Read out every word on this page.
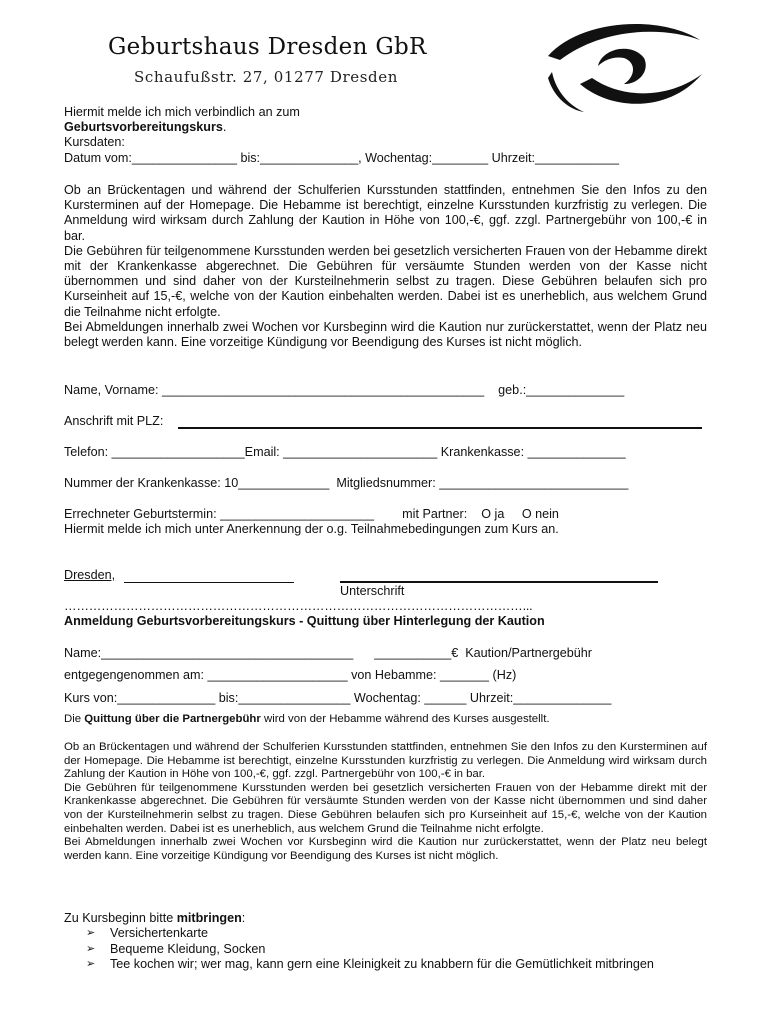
Geburtshaus Dresden GbR
Schaufußstr. 27, 01277 Dresden

Hiermit melde ich mich verbindlich an zum

Geburtsvorbereitungskurs.

Kursdaten:

Datum vom:_______________ bis:______________, Wochentag:________ Uhrzeit:____________

Ob an Brückentagen und während der Schulferien Kursstunden stattfinden, entnehmen Sie den Infos zu den Kursterminen auf der Homepage. Die Hebamme ist berechtigt, einzelne Kursstunden kurzfristig zu verlegen. Die Anmeldung wird wirksam durch Zahlung der Kaution in Höhe von 100,-€, ggf. zzgl. Partnergebühr von 100,-€ in bar.

Die Gebühren für teilgenommene Kursstunden werden bei gesetzlich versicherten Frauen von der Hebamme direkt mit der Krankenkasse abgerechnet. Die Gebühren für versäumte Stunden werden von der Kasse nicht übernommen und sind daher von der Kursteilnehmerin selbst zu tragen. Diese Gebühren belaufen sich pro Kurseinheit auf 15,-€, welche von der Kaution einbehalten werden. Dabei ist es unerheblich, aus welchem Grund die Teilnahme nicht erfolgte.

Bei Abmeldungen innerhalb zwei Wochen vor Kursbeginn wird die Kaution nur zurückerstattet, wenn der Platz neu belegt werden kann. Eine vorzeitige Kündigung vor Beendigung des Kurses ist nicht möglich.

Name, Vorname: ______________________________________________    geb.:______________
Anschrift mit PLZ:
Telefon: ___________________Email: ______________________ Krankenkasse: ______________
Nummer der Krankenkasse: 10_____________  Mitgliedsnummer: ___________________________
Errechneter Geburtstermin: ______________________        mit Partner:    O ja     O nein
Hiermit melde ich mich unter Anerkennung der o.g. Teilnahmebedingungen zum Kurs an.
Dresden,
Unterschrift
…………………………………………………………………………………………………...
Anmeldung Geburtsvorbereitungskurs - Quittung über Hinterlegung der Kaution
Name:____________________________________      ___________€  Kaution/Partnergebühr
entgegengenommen am: ____________________ von Hebamme: _______ (Hz)
Kurs von:______________ bis:________________ Wochentag: ______ Uhrzeit:______________
Die Quittung über die Partnergebühr wird von der Hebamme während des Kurses ausgestellt.

Ob an Brückentagen und während der Schulferien Kursstunden stattfinden, entnehmen Sie den Infos zu den Kursterminen auf der Homepage. Die Hebamme ist berechtigt, einzelne Kursstunden kurzfristig zu verlegen. Die Anmeldung wird wirksam durch Zahlung der Kaution in Höhe von 100,-€, ggf. zzgl. Partnergebühr von 100,-€ in bar.

Die Gebühren für teilgenommene Kursstunden werden bei gesetzlich versicherten Frauen von der Hebamme direkt mit der Krankenkasse abgerechnet. Die Gebühren für versäumte Stunden werden von der Kasse nicht übernommen und sind daher von der Kursteilnehmerin selbst zu tragen. Diese Gebühren belaufen sich pro Kurseinheit auf 15,-€, welche von der Kaution einbehalten werden. Dabei ist es unerheblich, aus welchem Grund die Teilnahme nicht erfolgte.

Bei Abmeldungen innerhalb zwei Wochen vor Kursbeginn wird die Kaution nur zurückerstattet, wenn der Platz neu belegt werden kann. Eine vorzeitige Kündigung vor Beendigung des Kurses ist nicht möglich.

Zu Kursbeginn bitte mitbringen:

➢ Versichertenkarte
➢ Bequeme Kleidung, Socken
➢ Tee kochen wir; wer mag, kann gern eine Kleinigkeit zu knabbern für die Gemütlichkeit mitbringen
